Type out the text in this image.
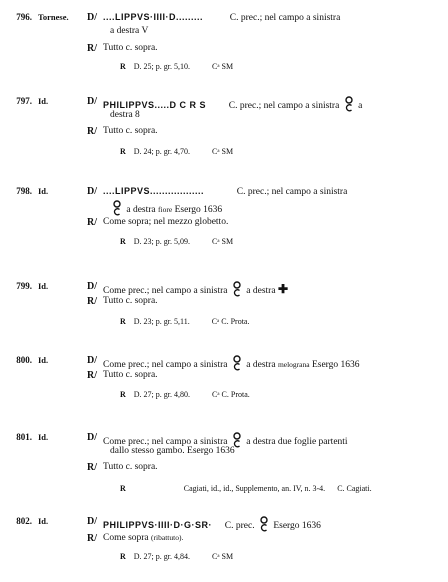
796. Tornese. D/ ....LIPPVS·IIII·D.........	C. prec.; nel campo a sinistra
a destra V
R/ Tutto c. sopra.
R D. 25; p. gr. 5,10.	Cᵃ SM
797. Id.	D/ PHILIPPVS.....D C R S C. prec.; nel campo a sinistra a
destra 8
R/ Tutto c. sopra.
R D. 24; p. gr. 4,70.	Cᵃ SM
798. Id.	D/ ....LIPPVS..................	C. prec.; nel campo a sinistra
a destra fiore Esergo 1636
R/ Come sopra; nel mezzo globetto.
R D. 23; p. gr. 5,09.	Cᵃ SM
799. Id.	D/ Come prec.; nel campo a sinistra a destra ✚
R/ Tutto c. sopra.
R D. 23; p. gr. 5,11.	Cᵃ C. Prota.
800. Id.	D/ Come prec.; nel campo a sinistra a destra melograna Esergo 1636
R/ Tutto c. sopra.
R D. 27; p. gr. 4,80.	Cᵃ C. Prota.
801. Id.	D/ Come prec.; nel campo a sinistra a destra due foglie partenti
dallo stesso gambo. Esergo 1636
R/ Tutto c. sopra.
R	Cagiati, id., id., Supplemento, an. IV, n. 3-4. C. Cagiati.
802. Id.	D/ PHILIPPVS·IIII·D·G·SR· C. prec. Esergo 1636
R/ Come sopra (ribattuto).
R D. 27; p. gr. 4,84.	Cᵃ SM
